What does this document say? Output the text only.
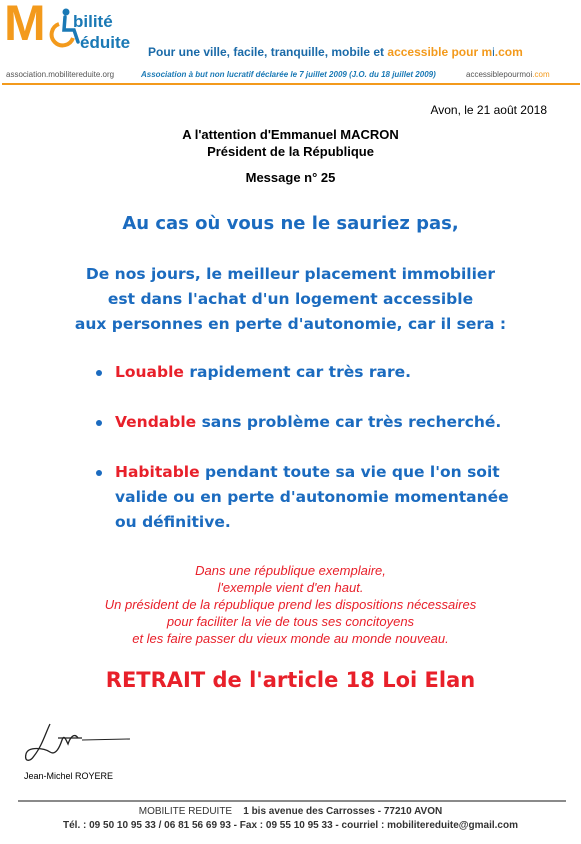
M bilité
éduite Pour une ville, facile, tranquille, mobile et accessible pour mi.com
association.mobilitereduite.org	Association à but non lucratif déclarée le 7 juillet 2009 (J.O. du 18 juillet 2009)	accessiblepourmoi.com
Avon, le 21 août 2018
A l'attention d'Emmanuel MACRON
Président de la République
Message n° 25
Au cas où vous ne le sauriez pas,
De nos jours, le meilleur placement immobilier
est dans l'achat d'un logement accessible
aux personnes en perte d'autonomie, car il sera :
Louable rapidement car très rare.
Vendable sans problème car très recherché.
Habitable pendant toute sa vie que l'on soit
valide ou en perte d'autonomie momentanée
ou définitive.
Dans une république exemplaire,
l'exemple vient d'en haut.
Un président de la république prend les dispositions nécessaires
pour faciliter la vie de tous ses concitoyens
et les faire passer du vieux monde au monde nouveau.
RETRAIT de l'article 18 Loi Elan
Jean-Michel ROYERE
MOBILITE REDUITE 1 bis avenue des Carrosses - 77210 AVON
Tél. : 09 50 10 95 33 / 06 81 56 69 93 - Fax : 09 55 10 95 33 - courriel : mobilitereduite@gmail.com
